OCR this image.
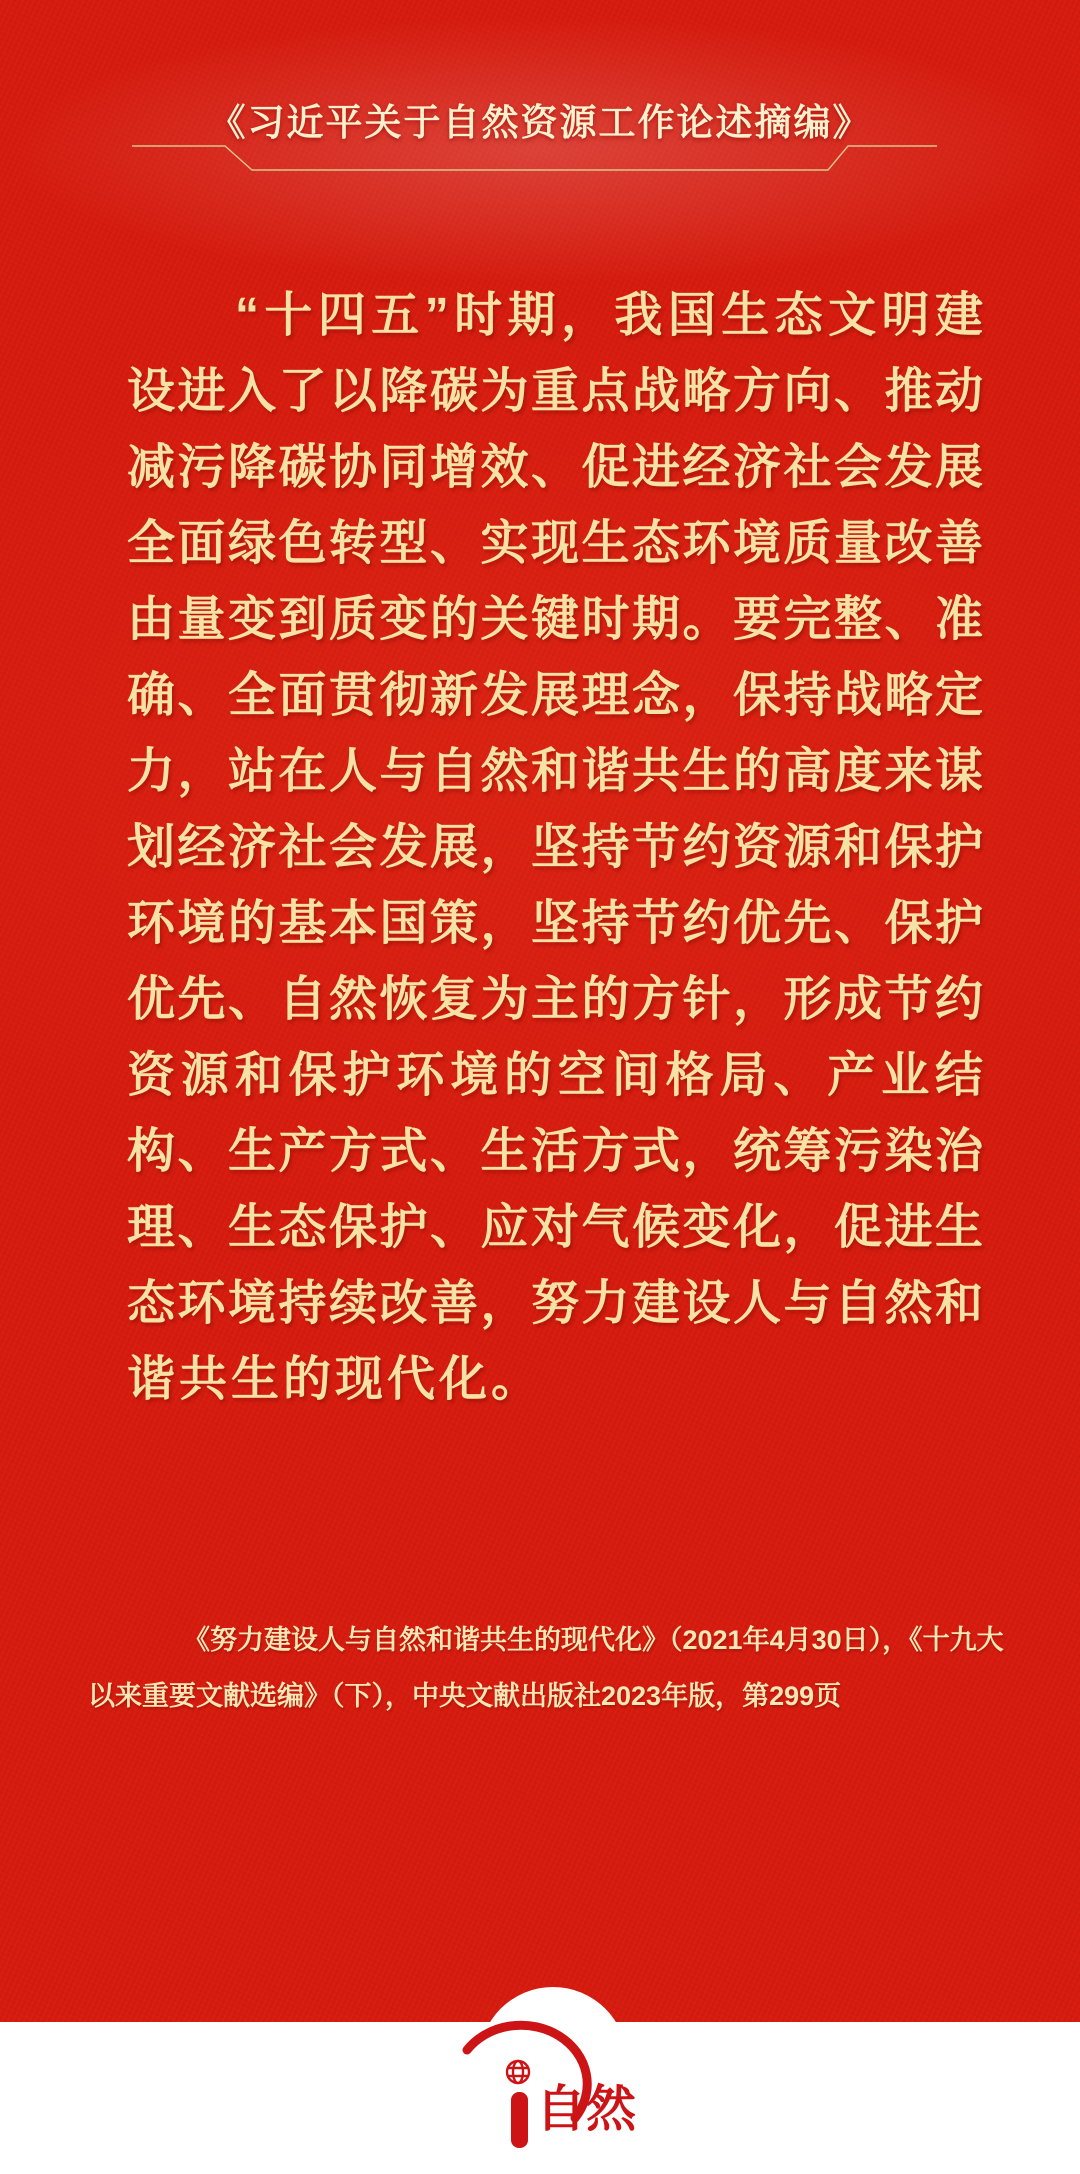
《习近平关于自然资源工作论述摘编》
“十四五”时期，我国生态文明建
设进入了以降碳为重点战略方向、推动
减污降碳协同增效、促进经济社会发展
全面绿色转型、实现生态环境质量改善
由量变到质变的关键时期。要完整、准
确、全面贯彻新发展理念，保持战略定
力，站在人与自然和谐共生的高度来谋
划经济社会发展，坚持节约资源和保护
环境的基本国策，坚持节约优先、保护
优先、自然恢复为主的方针，形成节约
资源和保护环境的空间格局、产业结
构、生产方式、生活方式，统筹污染治
理、生态保护、应对气候变化，促进生
态环境持续改善，努力建设人与自然和
谐共生的现代化。
《努力建设人与自然和谐共生的现代化》（2021年4月30日），《十九大
以来重要文献选编》（下），中央文献出版社2023年版，第299页
自然
